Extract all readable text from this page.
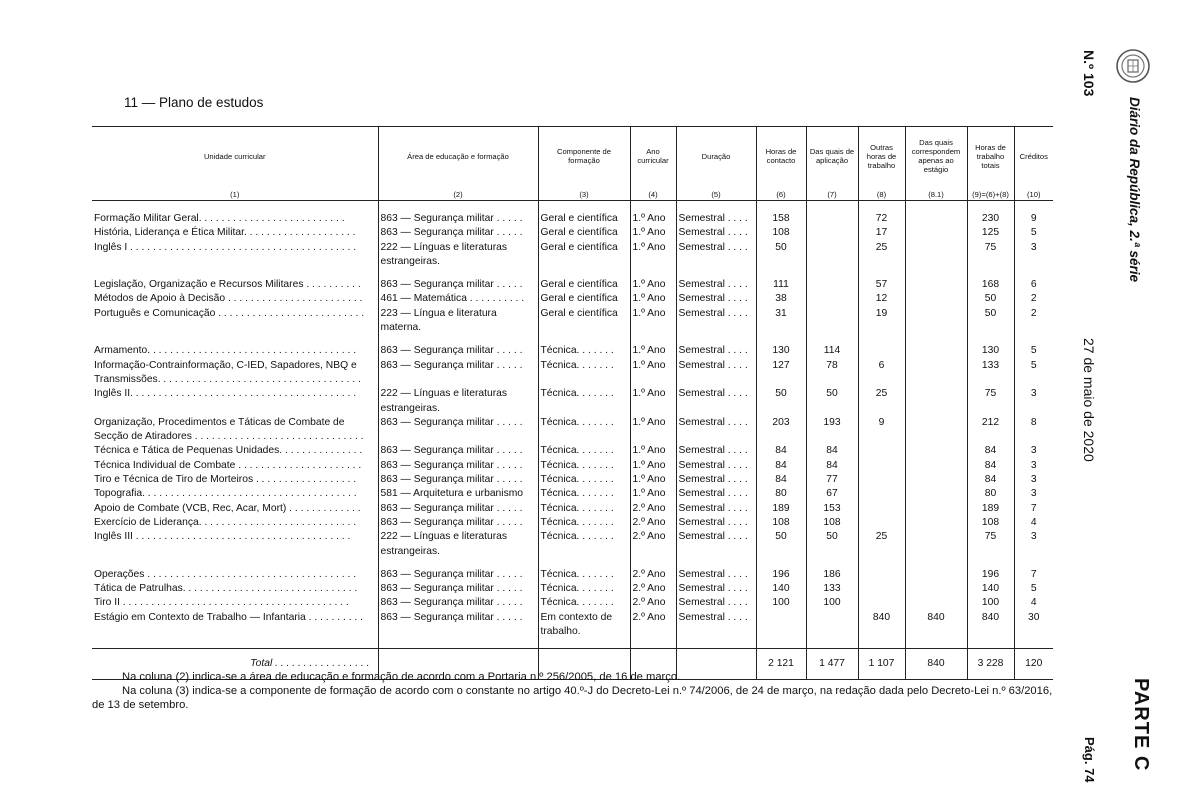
11 — Plano de estudos
Unidade curricular	Área de educação e formação	Componente de formação	Ano curricular	Duração	Horas de contacto	Das quais de aplicação	Outras horas de trabalho	Das quais correspondem apenas ao estágio	Horas de trabalho totais	Créditos
(1)	(2)	(3)	(4)	(5)	(6)	(7)	(8)	(8.1)	(9)=(6)+(8)	(10)

Formação Militar Geral. . . . . . . . . . . . . . . . . . . . . . . . . .	863 — Segurança militar . . . . .	Geral e científica	1.º Ano	Semestral . . . .	158		72		230	9
História, Liderança e Ética Militar. . . . . . . . . . . . . . . . . . . .	863 — Segurança militar . . . . .	Geral e científica	1.º Ano	Semestral . . . .	108		17		125	5
Inglês I . . . . . . . . . . . . . . . . . . . . . . . . . . . . . . . . . . . . . . . .	222 — Línguas e literaturas estrangeiras.	Geral e científica	1.º Ano	Semestral . . . .	50		25		75	3

Legislação, Organização e Recursos Militares . . . . . . . . . .	863 — Segurança militar . . . . .	Geral e científica	1.º Ano	Semestral . . . .	111		57		168	6
Métodos de Apoio à Decisão . . . . . . . . . . . . . . . . . . . . . . . .	461 — Matemática . . . . . . . . . .	Geral e científica	1.º Ano	Semestral . . . .	38		12		50	2
Português e Comunicação . . . . . . . . . . . . . . . . . . . . . . . . . .	223 — Língua e literatura materna.	Geral e científica	1.º Ano	Semestral . . . .	31		19		50	2

Armamento. . . . . . . . . . . . . . . . . . . . . . . . . . . . . . . . . . . . .	863 — Segurança militar . . . . .	Técnica. . . . . . .	1.º Ano	Semestral . . . .	130	114			130	5
Informação-Contrainformação, C-IED, Sapadores, NBQ e Transmissões. . . . . . . . . . . . . . . . . . . . . . . . . . . . . . . . . . . .	863 — Segurança militar . . . . .	Técnica. . . . . . .	1.º Ano	Semestral . . . .	127	78	6		133	5
Inglês II. . . . . . . . . . . . . . . . . . . . . . . . . . . . . . . . . . . . . . . .	222 — Línguas e literaturas estrangeiras.	Técnica. . . . . . .	1.º Ano	Semestral . . . .	50	50	25		75	3
Organização, Procedimentos e Táticas de Combate de Secção de Atiradores . . . . . . . . . . . . . . . . . . . . . . . . . . . . . .	863 — Segurança militar . . . . .	Técnica. . . . . . .	1.º Ano	Semestral . . . .	203	193	9		212	8
Técnica e Tática de Pequenas Unidades. . . . . . . . . . . . . . .	863 — Segurança militar . . . . .	Técnica. . . . . . .	1.º Ano	Semestral . . . .	84	84			84	3
Técnica Individual de Combate . . . . . . . . . . . . . . . . . . . . . .	863 — Segurança militar . . . . .	Técnica. . . . . . .	1.º Ano	Semestral . . . .	84	84			84	3
Tiro e Técnica de Tiro de Morteiros . . . . . . . . . . . . . . . . . .	863 — Segurança militar . . . . .	Técnica. . . . . . .	1.º Ano	Semestral . . . .	84	77			84	3
Topografia. . . . . . . . . . . . . . . . . . . . . . . . . . . . . . . . . . . . . .	581 — Arquitetura e urbanismo	Técnica. . . . . . .	1.º Ano	Semestral . . . .	80	67			80	3
Apoio de Combate (VCB, Rec, Acar, Mort) . . . . . . . . . . . . .	863 — Segurança militar . . . . .	Técnica. . . . . . .	2.º Ano	Semestral . . . .	189	153			189	7
Exercício de Liderança. . . . . . . . . . . . . . . . . . . . . . . . . . . .	863 — Segurança militar . . . . .	Técnica. . . . . . .	2.º Ano	Semestral . . . .	108	108			108	4
Inglês III . . . . . . . . . . . . . . . . . . . . . . . . . . . . . . . . . . . . . .	222 — Línguas e literaturas estrangeiras.	Técnica. . . . . . .	2.º Ano	Semestral . . . .	50	50	25		75	3

Operações . . . . . . . . . . . . . . . . . . . . . . . . . . . . . . . . . . . . .	863 — Segurança militar . . . . .	Técnica. . . . . . .	2.º Ano	Semestral . . . .	196	186			196	7
Tática de Patrulhas. . . . . . . . . . . . . . . . . . . . . . . . . . . . . . .	863 — Segurança militar . . . . .	Técnica. . . . . . .	2.º Ano	Semestral . . . .	140	133			140	5
Tiro II . . . . . . . . . . . . . . . . . . . . . . . . . . . . . . . . . . . . . . . .	863 — Segurança militar . . . . .	Técnica. . . . . . .	2.º Ano	Semestral . . . .	100	100			100	4
Estágio em Contexto de Trabalho — Infantaria . . . . . . . . . .	863 — Segurança militar . . . . .	Em contexto de trabalho.	2.º Ano	Semestral . . . .			840	840	840	30

Total . . . . . . . . . . . . . . . . .					2 121	1 477	1 107	840	3 228	120

Na coluna (2) indica-se a área de educação e formação de acordo com a Portaria n.º 256/2005, de 16 de março.

Na coluna (3) indica-se a componente de formação de acordo com o constante no artigo 40.º-J do Decreto-Lei n.º 74/2006, de 24 de março, na redação dada pelo Decreto-Lei n.º 63/2016, de 13 de setembro.

N.º 103
27 de maio de 2020
Pág. 74
Diário da República, 2.ª série
PARTE C
